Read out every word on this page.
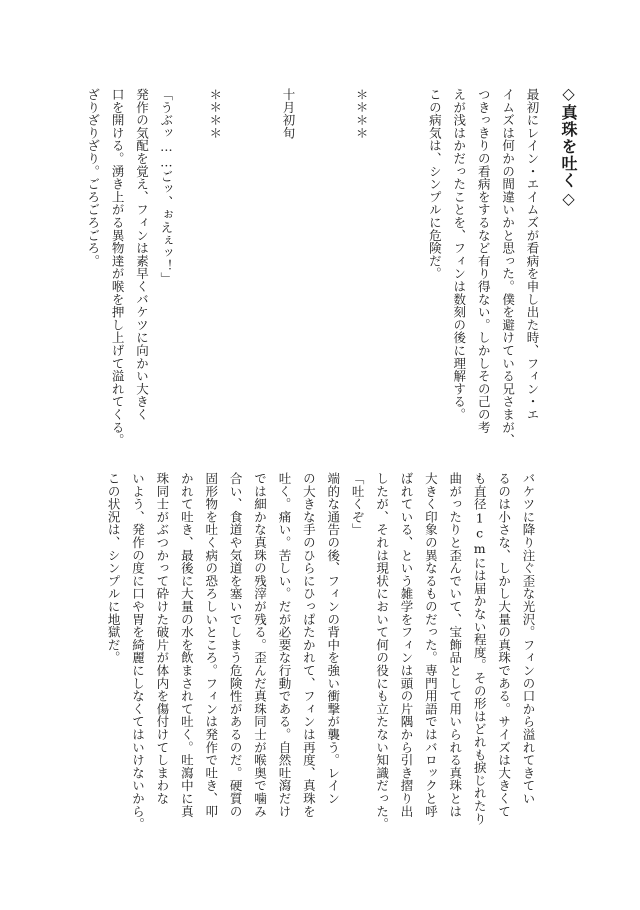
◇真珠を吐く◇

最初にレイン・エイムズが看病を申し出た時、フィン・エ
イムズは何かの間違いかと思った。僕を避けている兄さまが、
つきっきりの看病をするなど有り得ない。しかしその己の考
えが浅はかだったことを、フィンは数刻の後に理解する。
この病気は、シンプルに危険だ。

＊＊＊＊

十月初旬

＊＊＊＊

「うぶッ……ごッ、ぉえぇッ！」
発作の気配を覚え、フィンは素早くバケツに向かい大きく
口を開ける。湧き上がる異物達が喉を押し上げて溢れてくる。
ざりざりざり。ごろごろごろ。

バケツに降り注ぐ歪な光沢。フィンの口から溢れてきてい
るのは小さな、しかし大量の真珠である。サイズは大きくて
も直径1cmには届かない程度。その形はどれも捩じれたり
曲がったりと歪んでいて、宝飾品として用いられる真珠とは
大きく印象の異なるものだった。専門用語ではバロックと呼
ばれている、という雑学をフィンは頭の片隅から引き摺り出
したが、それは現状において何の役にも立たない知識だった。
「吐くぞ」
端的な通告の後、フィンの背中を強い衝撃が襲う。レイン
の大きな手のひらにひっぱたかれて、フィンは再度、真珠を
吐く。痛い。苦しい。だが必要な行動である。自然吐瀉だけ
では細かな真珠の残滓が残る。歪んだ真珠同士が喉奥で噛み
合い、食道や気道を塞いでしまう危険性があるのだ。硬質の
固形物を吐く病の恐ろしいところ。フィンは発作で吐き、叩
かれて吐き、最後に大量の水を飲まされて吐く。吐瀉中に真
珠同士がぶつかって砕けた破片が体内を傷付けてしまわな
いよう、発作の度に口や胃を綺麗にしなくてはいけないから。
この状況は、シンプルに地獄だ。
